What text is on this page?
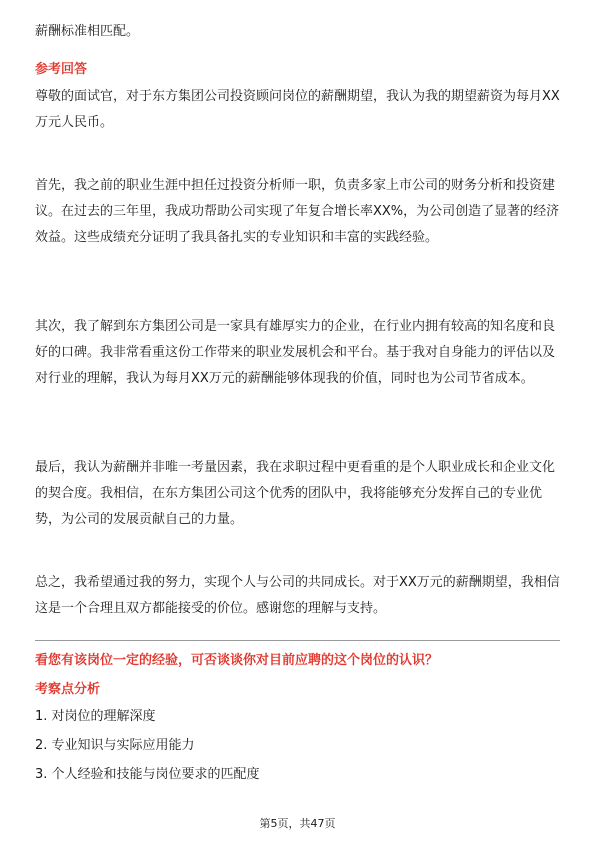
薪酬标准相匹配。

参考回答

尊敬的面试官，对于东方集团公司投资顾问岗位的薪酬期望，我认为我的期望薪资为每月XX万元人民币。

首先，我之前的职业生涯中担任过投资分析师一职，负责多家上市公司的财务分析和投资建议。在过去的三年里，我成功帮助公司实现了年复合增长率XX%，为公司创造了显著的经济效益。这些成绩充分证明了我具备扎实的专业知识和丰富的实践经验。

其次，我了解到东方集团公司是一家具有雄厚实力的企业，在行业内拥有较高的知名度和良好的口碑。我非常看重这份工作带来的职业发展机会和平台。基于我对自身能力的评估以及对行业的理解，我认为每月XX万元的薪酬能够体现我的价值，同时也为公司节省成本。

最后，我认为薪酬并非唯一考量因素，我在求职过程中更看重的是个人职业成长和企业文化的契合度。我相信，在东方集团公司这个优秀的团队中，我将能够充分发挥自己的专业优势，为公司的发展贡献自己的力量。

总之，我希望通过我的努力，实现个人与公司的共同成长。对于XX万元的薪酬期望，我相信这是一个合理且双方都能接受的价位。感谢您的理解与支持。

看您有该岗位一定的经验，可否谈谈你对目前应聘的这个岗位的认识？

考察点分析

1. 对岗位的理解深度

2. 专业知识与实际应用能力

3. 个人经验和技能与岗位要求的匹配度

第5页，共47页
